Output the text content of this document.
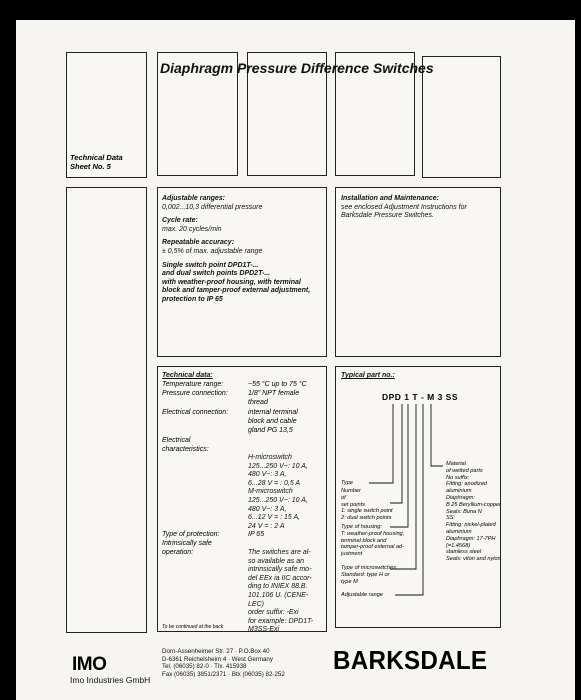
Diaphragm Pressure Difference Switches
Technical Data
Sheet No. 5
Adjustable ranges:
0,002...10,3 differential pressure
Cycle rate:
max. 20 cycles/min
Repeatable accuracy:
± 0,5% of max. adjustable range
Single switch point DPD1T-...
and dual switch points DPD2T-...
with weather-proof housing, with terminal
block and tamper-proof external adjustment,
protection to IP 65
Installation and Maintenance:
see enclosed Adjustment Instructions for
Barksdale Pressure Switches.
Technical data:
Temperature range:	−55 °C up to 75 °C
Pressure connection:	1/8" NPT female
thread
Electrical connection:	internal terminal
block and cable
gland PG 13,5
Electrical
characteristics:
H-microswitch
125...250 V~: 10 A,
480 V~: 3 A,
6...28 V = : 0,5 A
M-microswitch
125...250 V~: 10 A,
480 V~: 3 A,
6...12 V = : 15 A,
24 V = : 2 A
Type of protection:	IP 65
Intrinsically safe
operation:	The switches are al-
so available as an
intrinsically safe mo-
del EEx ia IIC accor-
ding to INIEX 88.B.
101.106 U. (CENE-
LEC)
order suffix: -Exi
for example: DPD1T-
M3SS-Exi
To be continued at the back
Typical part no.:
DPD 1 T - M 3 SS
Type
Number
of
set points
1: single switch point
2: dual switch points
Type of housing:
T: weather-proof housing,
terminal block and
tamper-proof external ad-
justment
Type of microswitches:
Standard: type H or
type M
Adjustable range
Material
of wetted parts
No suffix:
Fitting: anodized
aluminium
Diaphragm:
B 25 Beryllium-copper
Seals: Buna N
SS:
Fitting: nickel-plated
aluminium
Diaphragm: 17-7PH
(=1.4568)
stainless steel
Seals: viton and nylon
IMO
Imo Industries GmbH
Dorn-Assenheimer Str. 27 · P.O.Box 40
D-6361 Reichelsheim 4 · West Germany
Tel. (06035) 82-0 · Tlx. 415938
Fax (06035) 3851/2371 · Btx (06035) 82-252 BARKSDALE
